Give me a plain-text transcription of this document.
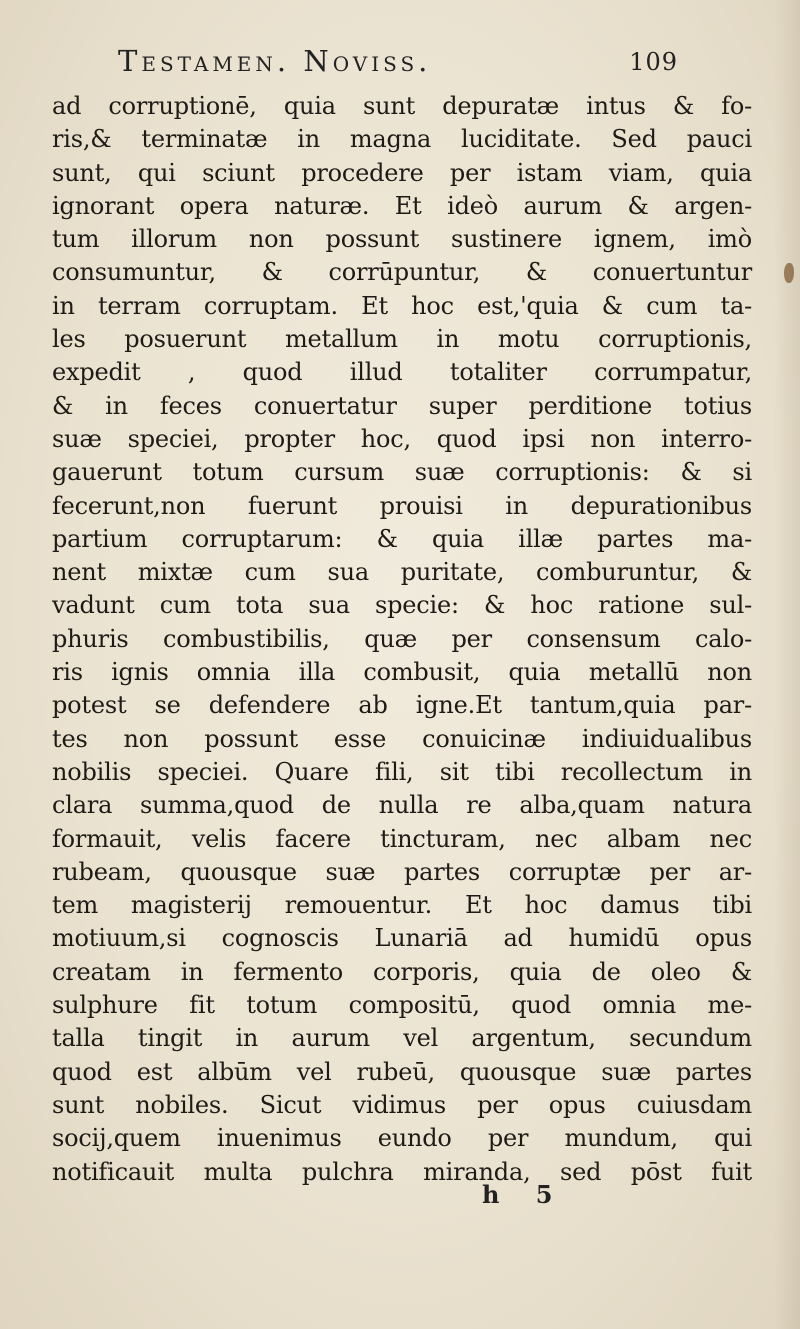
Testamen. Noviss.	109
ad corruptionē, quia sunt depuratæ intus & fo-
ris,& terminatæ in magna luciditate. Sed pauci
sunt, qui sciunt procedere per istam viam, quia
ignorant opera naturæ. Et ideò aurum & argen-
tum illorum non possunt sustinere ignem, imò
consumuntur, & corrūpuntur, & conuertuntur
in terram corruptam. Et hoc est,'quia & cum ta-
les posuerunt metallum in motu corruptionis,
expedit , quod illud totaliter corrumpatur,
& in feces conuertatur super perditione totius
suæ speciei, propter hoc, quod ipsi non interro-
gauerunt totum cursum suæ corruptionis: & si
fecerunt,non fuerunt prouisi in depurationibus
partium corruptarum: & quia illæ partes ma-
nent mixtæ cum sua puritate, comburuntur, &
vadunt cum tota sua specie: & hoc ratione sul-
phuris combustibilis, quæ per consensum calo-
ris ignis omnia illa combusit, quia metallū non
potest se defendere ab igne.Et tantum,quia par-
tes non possunt esse conuicinæ indiuidualibus
nobilis speciei. Quare fili, sit tibi recollectum in
clara summa,quod de nulla re alba,quam natura
formauit, velis facere tincturam, nec albam nec
rubeam, quousque suæ partes corruptæ per ar-
tem magisterij remouentur. Et hoc damus tibi
motiuum,si cognoscis Lunariā ad humidū opus
creatam in fermento corporis, quia de oleo &
sulphure fit totum compositū, quod omnia me-
talla tingit in aurum vel argentum, secundum
quod est albūm vel rubeū, quousque suæ partes
sunt nobiles. Sicut vidimus per opus cuiusdam
socij,quem inuenimus eundo per mundum, qui
notificauit multa pulchra miranda, sed pōst fuit
h 5
